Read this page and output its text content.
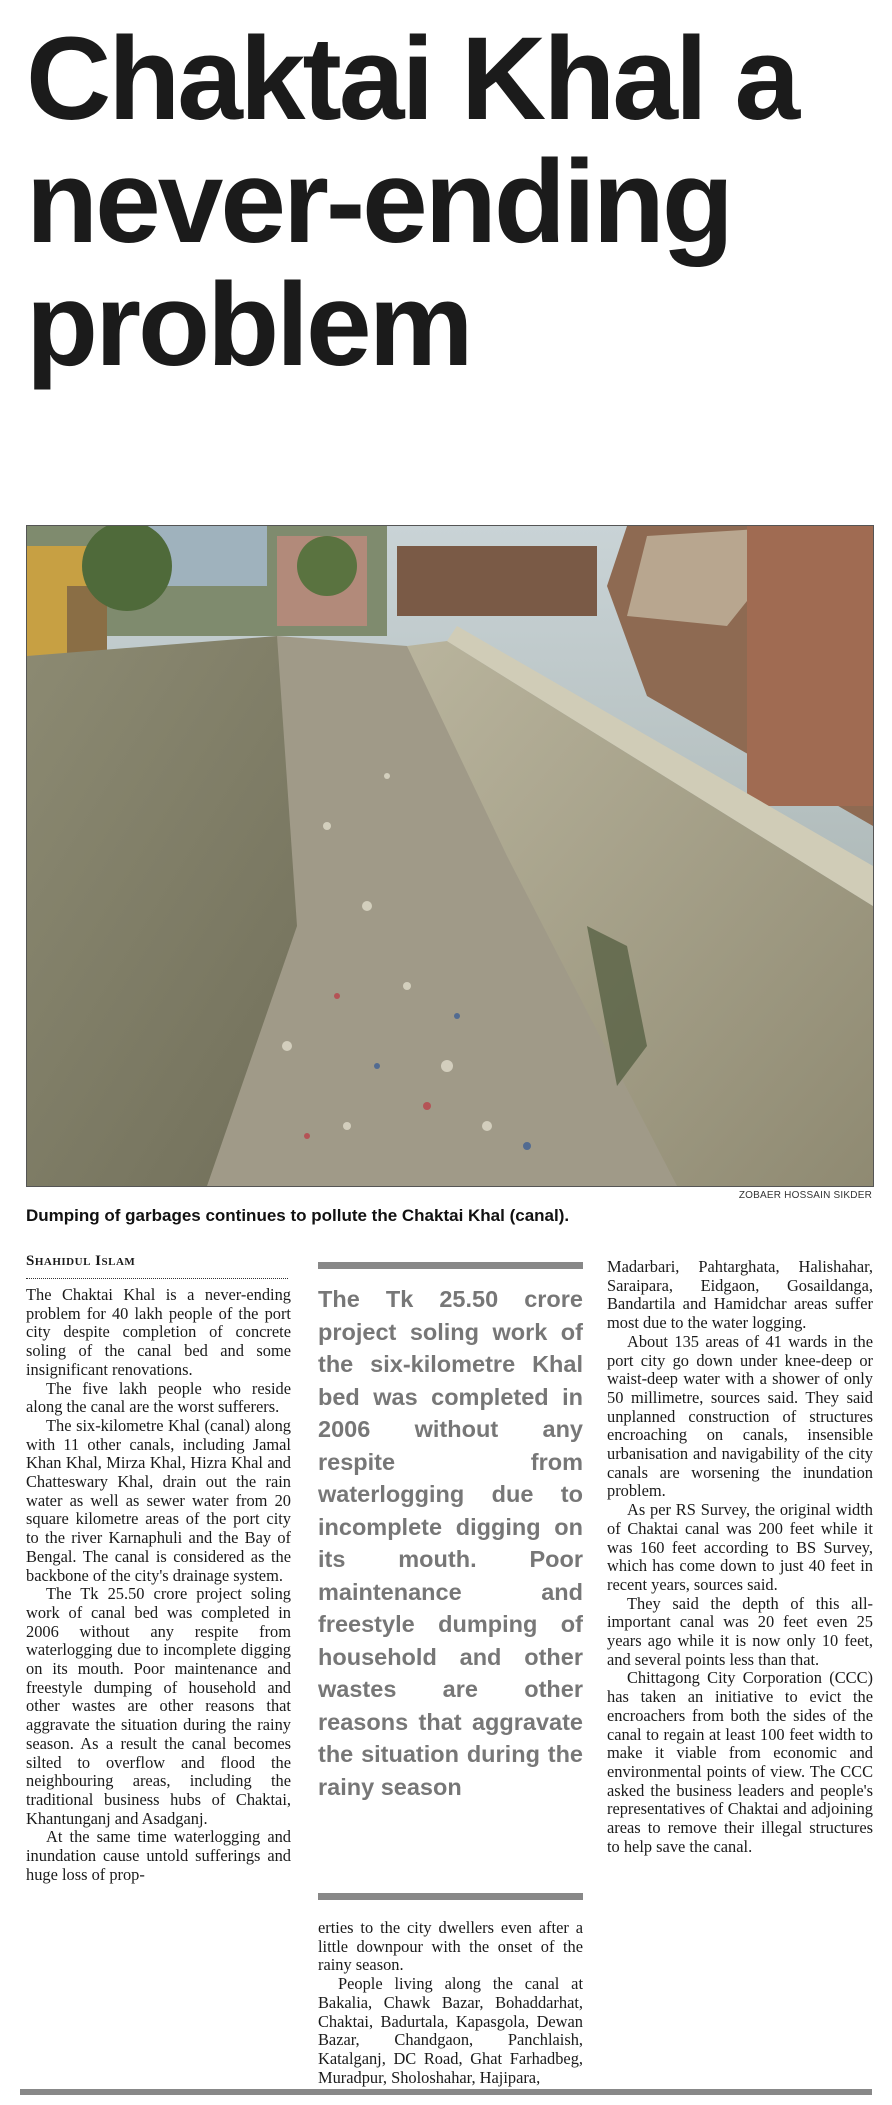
Chaktai Khal a never-ending problem
ZOBAER HOSSAIN SIKDER
Dumping of garbages continues to pollute the Chaktai Khal (canal).
Shahidul Islam

The Chaktai Khal is a never-ending problem for 40 lakh people of the port city despite completion of concrete soling of the canal bed and some insignificant renovations.

The five lakh people who reside along the canal are the worst sufferers.

The six-kilometre Khal (canal) along with 11 other canals, including Jamal Khan Khal, Mirza Khal, Hizra Khal and Chatteswary Khal, drain out the rain water as well as sewer water from 20 square kilometre areas of the port city to the river Karnaphuli and the Bay of Bengal. The canal is considered as the backbone of the city's drainage system.

The Tk 25.50 crore project soling work of canal bed was completed in 2006 without any respite from waterlogging due to incomplete digging on its mouth. Poor maintenance and freestyle dumping of household and other wastes are other reasons that aggravate the situation during the rainy season. As a result the canal becomes silted to overflow and flood the neighbouring areas, including the traditional business hubs of Chaktai, Khantunganj and Asadganj.

At the same time waterlogging and inundation cause untold sufferings and huge loss of prop-

The Tk 25.50 crore project soling work of the six-kilometre Khal bed was completed in 2006 without any respite from waterlogging due to incomplete digging on its mouth. Poor maintenance and freestyle dumping of household and other wastes are other reasons that aggravate the situation during the rainy season

erties to the city dwellers even after a little downpour with the onset of the rainy season.

People living along the canal at Bakalia, Chawk Bazar, Bohaddarhat, Chaktai, Badurtala, Kapasgola, Dewan Bazar, Chandgaon, Panchlaish, Katalganj, DC Road, Ghat Farhadbeg, Muradpur, Sholoshahar, Hajipara,

Madarbari, Pahtarghata, Halishahar, Saraipara, Eidgaon, Gosaildanga, Bandartila and Hamidchar areas suffer most due to the water logging.

About 135 areas of 41 wards in the port city go down under knee-deep or waist-deep water with a shower of only 50 millimetre, sources said. They said unplanned construction of structures encroaching on canals, insensible urbanisation and navigability of the city canals are worsening the inundation problem.

As per RS Survey, the original width of Chaktai canal was 200 feet while it was 160 feet according to BS Survey, which has come down to just 40 feet in recent years, sources said.

They said the depth of this all-important canal was 20 feet even 25 years ago while it is now only 10 feet, and several points less than that.

Chittagong City Corporation (CCC) has taken an initiative to evict the encroachers from both the sides of the canal to regain at least 100 feet width to make it viable from economic and environmental points of view. The CCC asked the business leaders and people's representatives of Chaktai and adjoining areas to remove their illegal structures to help save the canal.
